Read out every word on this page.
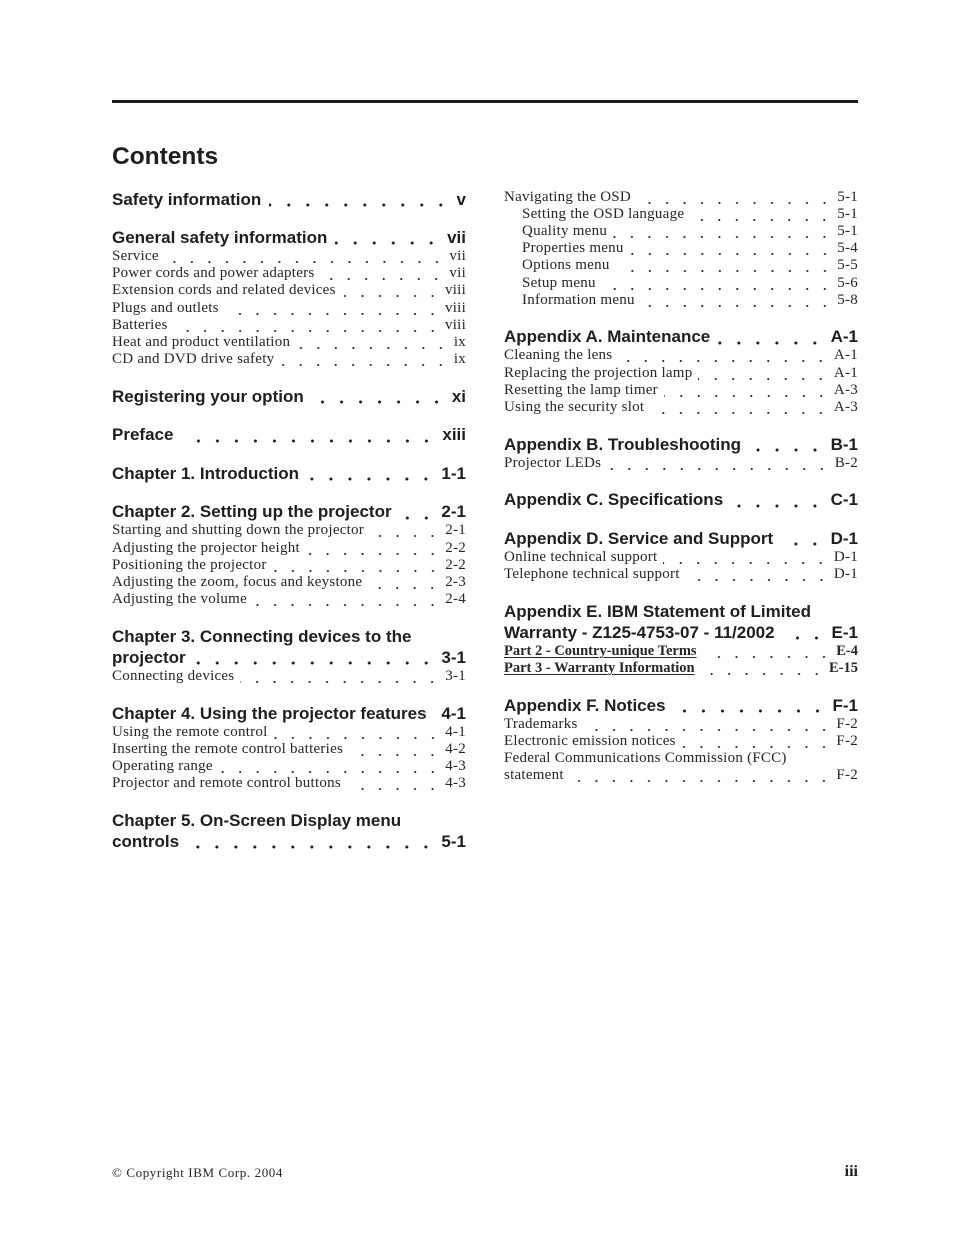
Contents
Safety information	v
General safety information	vii
Service	vii
Power cords and power adapters	vii
Extension cords and related devices	viii
Plugs and outlets	viii
Batteries	viii
Heat and product ventilation	ix
CD and DVD drive safety	ix
Registering your option	xi
Preface	xiii
Chapter 1. Introduction	1-1
Chapter 2. Setting up the projector	2-1
Starting and shutting down the projector	2-1
Adjusting the projector height	2-2
Positioning the projector	2-2
Adjusting the zoom, focus and keystone	2-3
Adjusting the volume	2-4
Chapter 3. Connecting devices to the
projector	3-1
Connecting devices	3-1
Chapter 4. Using the projector features 4-1
Using the remote control	4-1
Inserting the remote control batteries	4-2
Operating range	4-3
Projector and remote control buttons	4-3
Chapter 5. On-Screen Display menu
controls	5-1
Navigating the OSD	5-1
Setting the OSD language	5-1
Quality menu	5-1
Properties menu	5-4
Options menu	5-5
Setup menu	5-6
Information menu	5-8
Appendix A. Maintenance	A-1
Cleaning the lens	A-1
Replacing the projection lamp	A-1
Resetting the lamp timer	A-3
Using the security slot	A-3
Appendix B. Troubleshooting	B-1
Projector LEDs	B-2
Appendix C. Specifications	C-1
Appendix D. Service and Support	D-1
Online technical support	D-1
Telephone technical support	D-1
Appendix E. IBM Statement of Limited
Warranty - Z125-4753-07 - 11/2002	E-1
Part 2 - Country-unique Terms	E-4
Part 3 - Warranty Information	E-15
Appendix F. Notices	F-1
Trademarks	F-2
Electronic emission notices	F-2
Federal Communications Commission (FCC)
statement	F-2
© Copyright IBM Corp. 2004	iii
